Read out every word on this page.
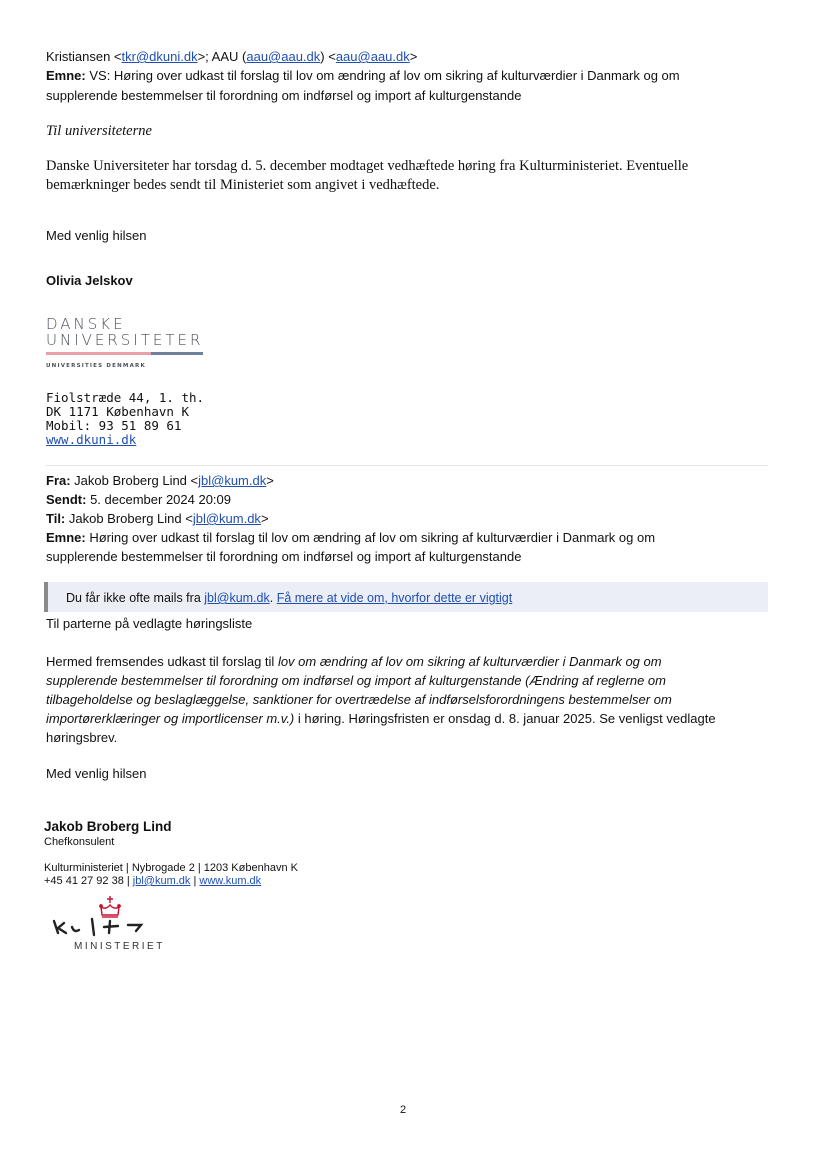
Kristiansen <tkr@dkuni.dk>; AAU (aau@aau.dk) <aau@aau.dk>
Emne: VS: Høring over udkast til forslag til lov om ændring af lov om sikring af kulturværdier i Danmark og om
supplerende bestemmelser til forordning om indførsel og import af kulturgenstande
Til universiteterne
Danske Universiteter har torsdag d. 5. december modtaget vedhæftede høring fra Kulturministeriet. Eventuelle
bemærkninger bedes sendt til Ministeriet som angivet i vedhæftede.
Med venlig hilsen
Olivia Jelskov
DANSKE
UNIVERSITETER
UNIVERSITIES DENMARK
Fiolstræde 44, 1. th.
DK 1171 København K
Mobil: 93 51 89 61
www.dkuni.dk
Fra: Jakob Broberg Lind <jbl@kum.dk>
Sendt: 5. december 2024 20:09
Til: Jakob Broberg Lind <jbl@kum.dk>
Emne: Høring over udkast til forslag til lov om ændring af lov om sikring af kulturværdier i Danmark og om
supplerende bestemmelser til forordning om indførsel og import af kulturgenstande
Du får ikke ofte mails fra jbl@kum.dk. Få mere at vide om, hvorfor dette er vigtigt
Til parterne på vedlagte høringsliste
Hermed fremsendes udkast til forslag til lov om ændring af lov om sikring af kulturværdier i Danmark og om
supplerende bestemmelser til forordning om indførsel og import af kulturgenstande (Ændring af reglerne om
tilbageholdelse og beslaglæggelse, sanktioner for overtrædelse af indførselsforordningens bestemmelser om
importørerklæringer og importlicenser m.v.) i høring. Høringsfristen er onsdag d. 8. januar 2025. Se venligst vedlagte
høringsbrev.
Med venlig hilsen
Jakob Broberg Lind
Chefkonsulent
Kulturministeriet | Nybrogade 2 | 1203 København K
+45 41 27 92 38 | jbl@kum.dk | www.kum.dk
MINISTERIET
2
